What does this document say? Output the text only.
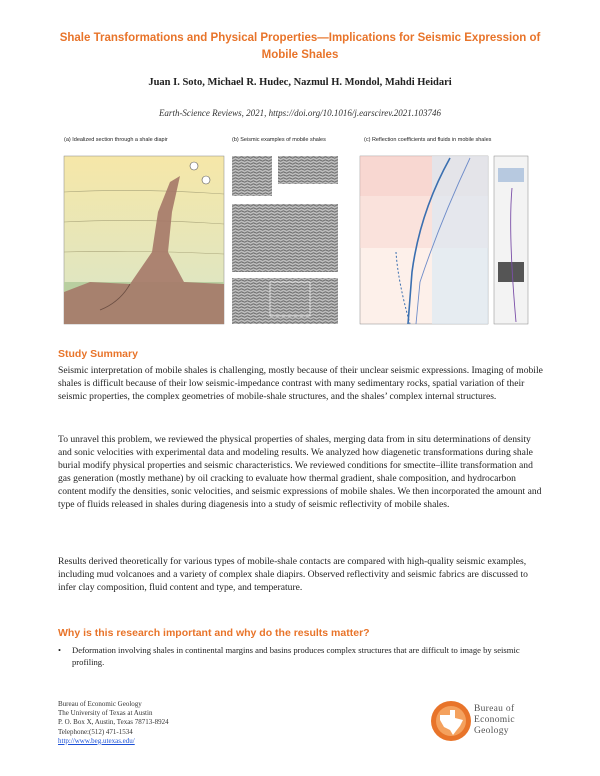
Shale Transformations and Physical Properties—Implications for Seismic Expression of Mobile Shales
Juan I. Soto, Michael R. Hudec, Nazmul H. Mondol, Mahdi Heidari
Earth-Science Reviews, 2021, https://doi.org/10.1016/j.earscirev.2021.103746
(a) Idealized section through a shale diapir	(b) Seismic examples of mobile shales	(c) Reflection coefficients and fluids in mobile shales
Study Summary

Seismic interpretation of mobile shales is challenging, mostly because of their unclear seismic expressions. Imaging of mobile shales is difficult because of their low seismic-impedance contrast with many sedimentary rocks, spatial variation of their seismic properties, the complex geometries of mobile-shale structures, and the shales’ complex internal structures.

To unravel this problem, we reviewed the physical properties of shales, merging data from in situ determinations of density and sonic velocities with experimental data and modeling results. We analyzed how diagenetic transformations during shale burial modify physical properties and seismic characteristics. We reviewed conditions for smectite–illite transformation and gas generation (mostly methane) by oil cracking to evaluate how thermal gradient, shale composition, and hydrocarbon content modify the densities, sonic velocities, and seismic expressions of mobile shales. We then incorporated the amount and type of fluids released in shales during diagenesis into a study of seismic reflectivity of mobile shales.

Results derived theoretically for various types of mobile-shale contacts are compared with high-quality seismic examples, including mud volcanoes and a variety of complex shale diapirs. Observed reflectivity and seismic fabrics are discussed to infer clay composition, fluid content and type, and temperature.

Why is this research important and why do the results matter?
•	Deformation involving shales in continental margins and basins produces complex structures that are difficult to image by seismic profiling.
Bureau of Economic Geology
The University of Texas at Austin
P. O. Box X, Austin, Texas 78713-8924
Telephone:(512) 471-1534
http://www.beg.utexas.edu/
Bureau of
Economic
Geology
